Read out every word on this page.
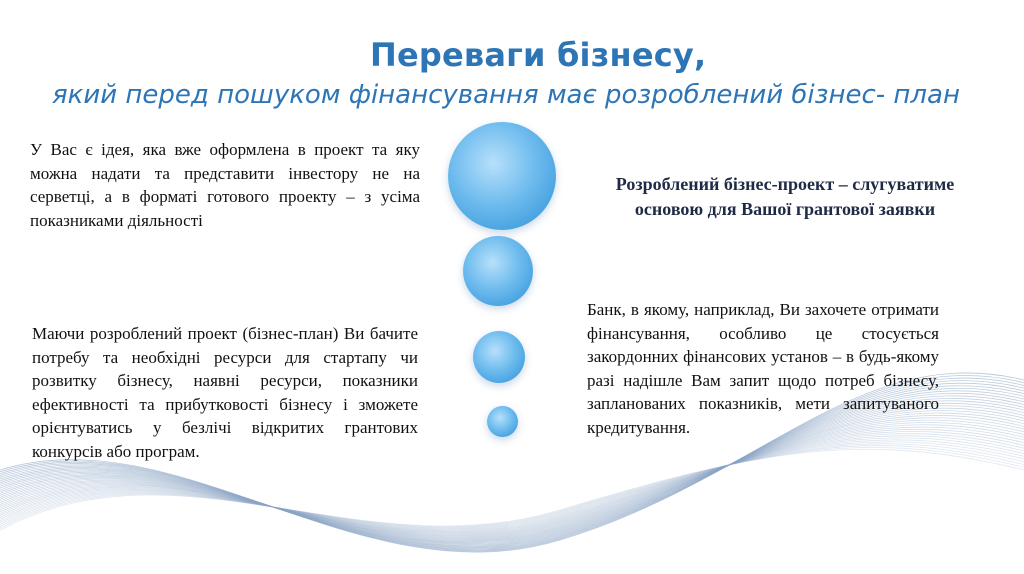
Переваги бізнесу,

який перед пошуком фінансування має розроблений бізнес- план

У Вас є ідея, яка вже оформлена в проект та яку можна надати та представити інвестору не на серветці, а в форматі готового проекту – з усіма показниками діяльності

Маючи розроблений проект (бізнес-план) Ви бачите потребу та необхідні ресурси для стартапу чи розвитку бізнесу, наявні ресурси, показники ефективності та прибутковості бізнесу і зможете орієнтуватись у безлічі відкритих грантових конкурсів або програм.

Розроблений бізнес-проект – слугуватиме основою для Вашої грантової заявки

Банк, в якому, наприклад, Ви захочете отримати фінансування, особливо це стосується закордонних фінансових установ – в будь-якому разі надішле Вам запит щодо потреб бізнесу, запланованих показників, мети запитуваного кредитування.
